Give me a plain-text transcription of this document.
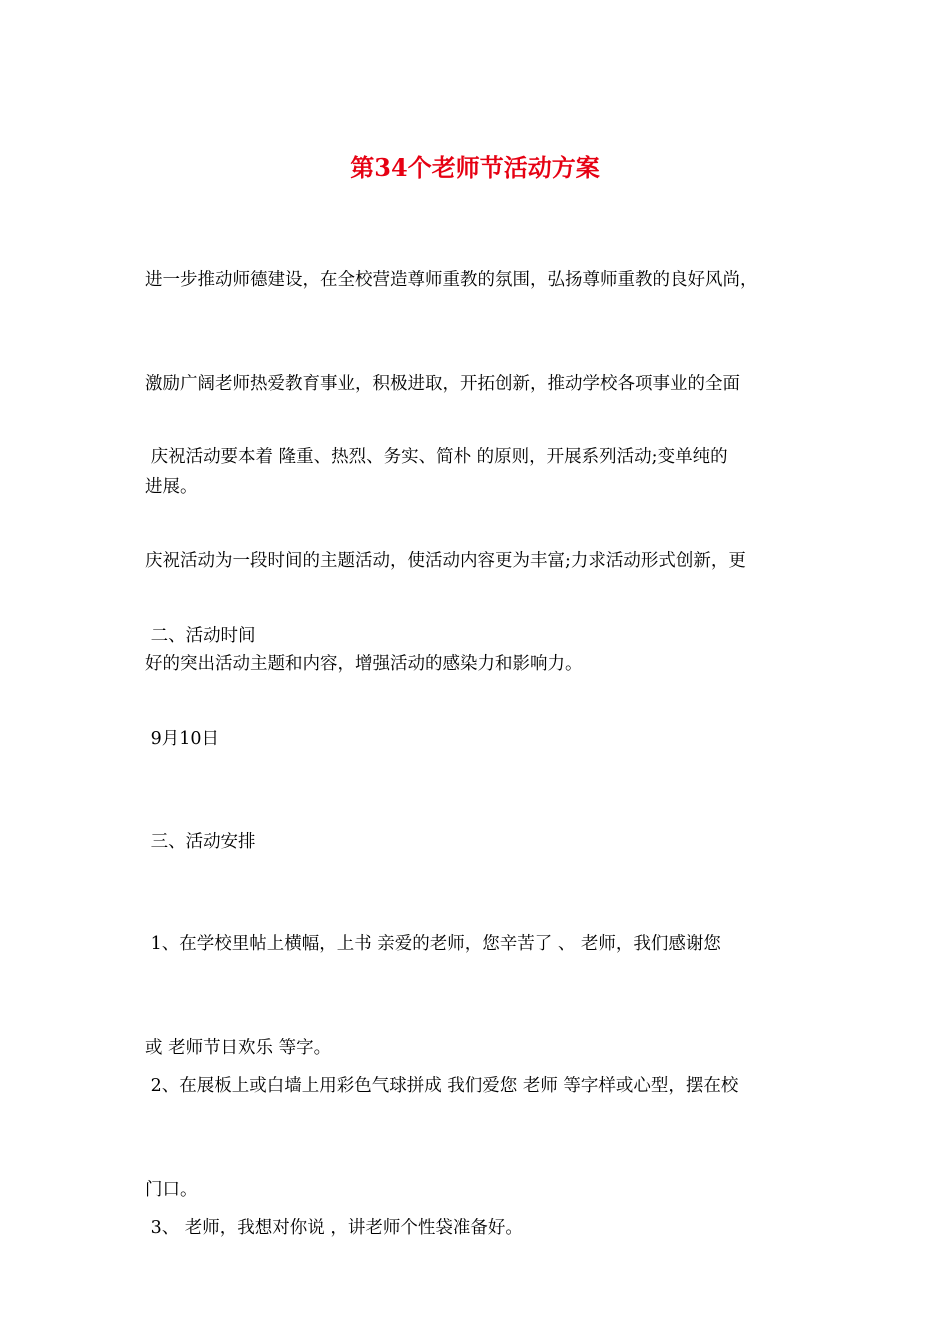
第34个老师节活动方案

进一步推动师德建设，在全校营造尊师重教的氛围，弘扬尊师重教的良好风尚，

激励广阔老师热爱教育事业，积极进取，开拓创新，推动学校各项事业的全面

进展。

庆祝活动要本着 隆重、热烈、务实、简朴 的原则，开展系列活动;变单纯的

庆祝活动为一段时间的主题活动，使活动内容更为丰富;力求活动形式创新，更

好的突出活动主题和内容，增强活动的感染力和影响力。

二、活动时间

9月10日

三、活动安排

1、在学校里帖上横幅，上书 亲爱的老师，您辛苦了 、 老师，我们感谢您

或 老师节日欢乐 等字。

2、在展板上或白墙上用彩色气球拼成 我们爱您 老师 等字样或心型，摆在校

门口。

3、 老师，我想对你说 ，讲老师个性袋准备好。
